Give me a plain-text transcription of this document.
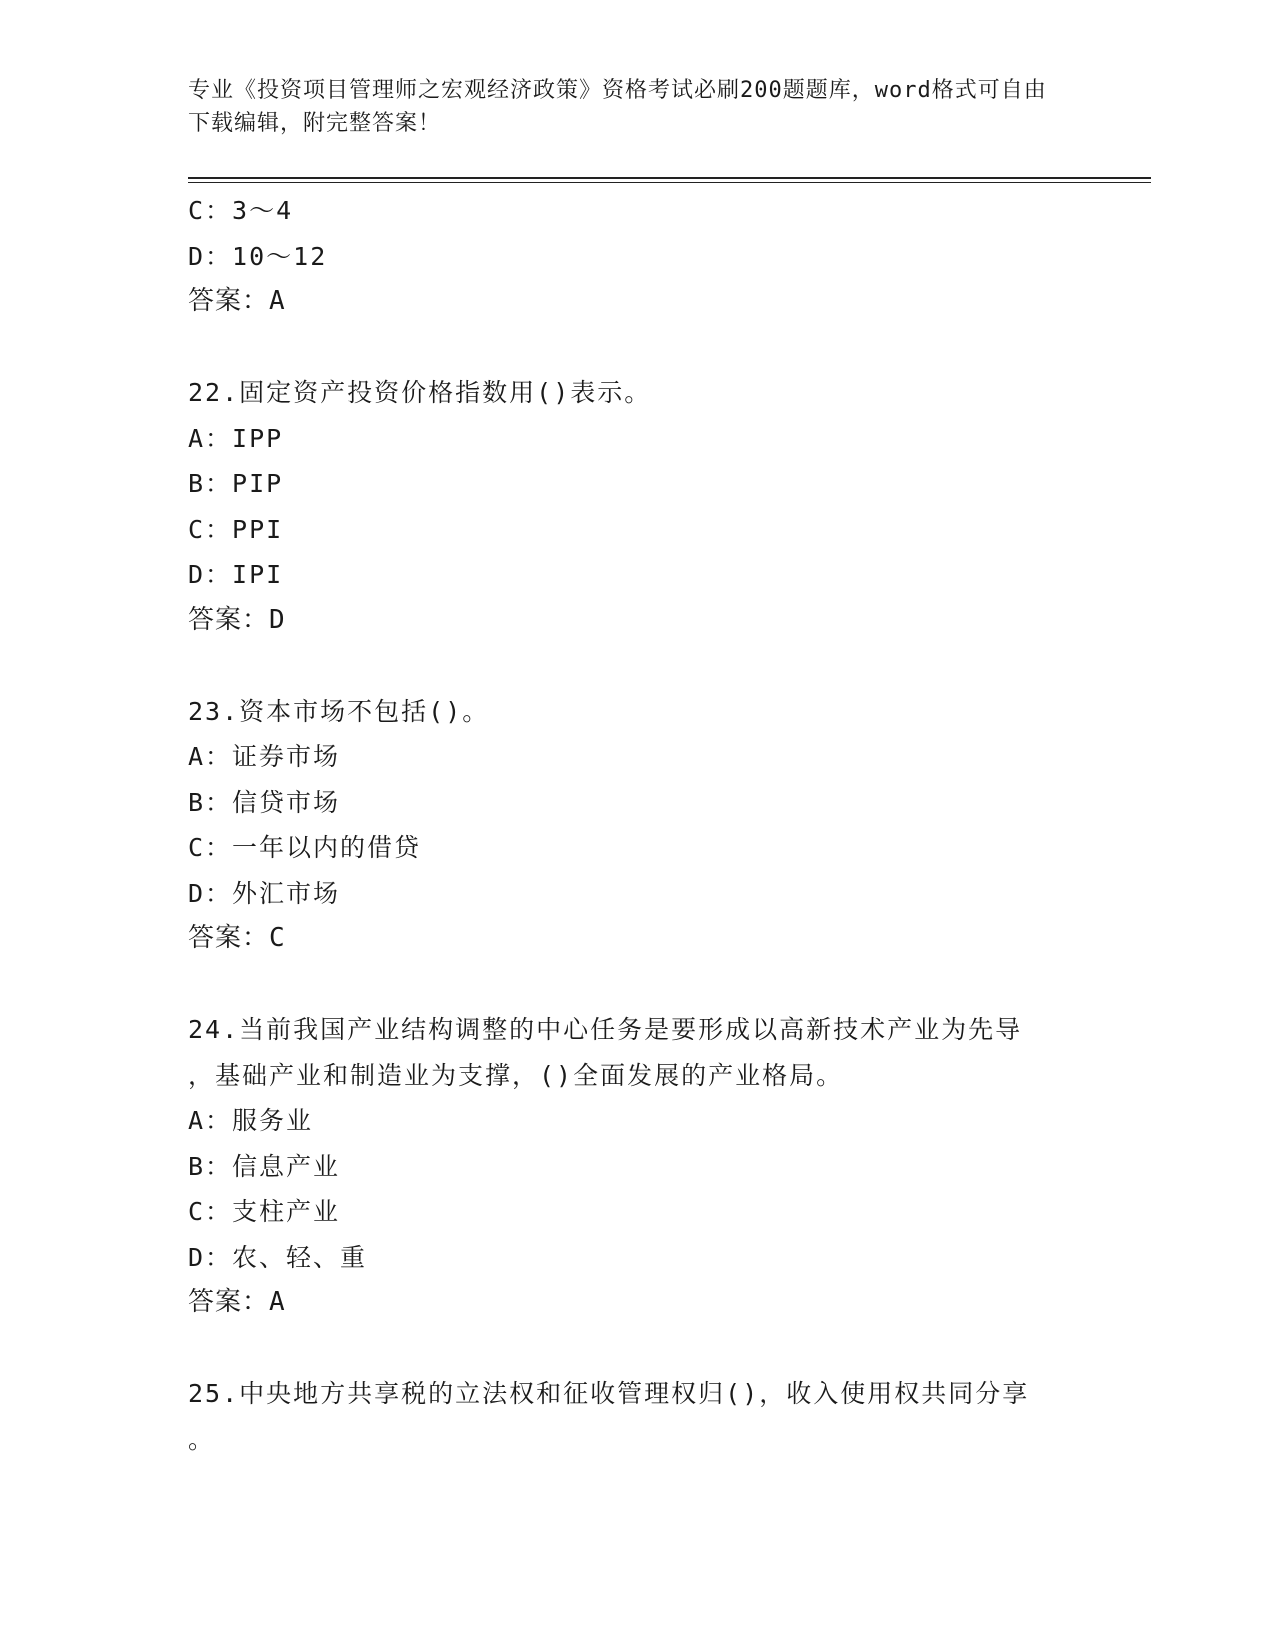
专业《投资项目管理师之宏观经济政策》资格考试必刷200题题库，word格式可自由下载编辑，附完整答案！
C：3～4
D：10～12
答案：A
22.固定资产投资价格指数用()表示。
A：IPP
B：PIP
C：PPI
D：IPI
答案：D
23.资本市场不包括()。
A：证券市场
B：信贷市场
C：一年以内的借贷
D：外汇市场
答案：C
24.当前我国产业结构调整的中心任务是要形成以高新技术产业为先导
，基础产业和制造业为支撑，()全面发展的产业格局。
A：服务业
B：信息产业
C：支柱产业
D：农、轻、重
答案：A
25.中央地方共享税的立法权和征收管理权归()，收入使用权共同分享
。
